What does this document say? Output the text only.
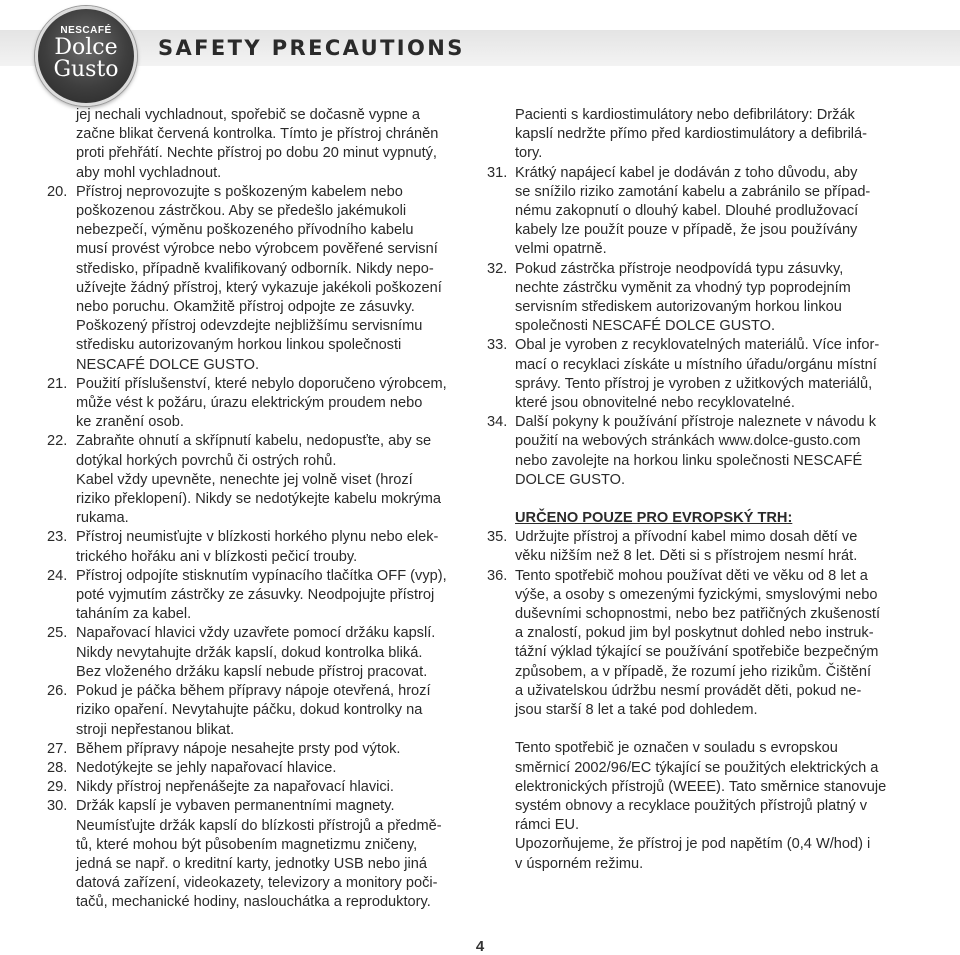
NESCAFÉ
Dolce
Gusto
SAFETY PRECAUTIONS
jej nechali vychladnout, spořebič se dočasně vypne a
začne blikat červená kontrolka. Tímto je přístroj chráněn
proti přehřátí. Nechte přístroj po dobu 20 minut vypnutý,
aby mohl vychladnout.
20. Přístroj neprovozujte s poškozeným kabelem nebo
poškozenou zástrčkou. Aby se předešlo jakémukoli
nebezpečí, výměnu poškozeného přívodního kabelu
musí provést výrobce nebo výrobcem pověřené servisní
středisko, případně kvalifikovaný odborník. Nikdy nepo-
užívejte žádný přístroj, který vykazuje jakékoli poškození
nebo poruchu. Okamžitě přístroj odpojte ze zásuvky.
Poškozený přístroj odevzdejte nejbližšímu servisnímu
středisku autorizovaným horkou linkou společnosti
NESCAFÉ DOLCE GUSTO.
21. Použití příslušenství, které nebylo doporučeno výrobcem,
může vést k požáru, úrazu elektrickým proudem nebo
ke zranění osob.
22. Zabraňte ohnutí a skřípnutí kabelu, nedopusťte, aby se
dotýkal horkých povrchů či ostrých rohů.
Kabel vždy upevněte, nenechte jej volně viset (hrozí
riziko překlopení). Nikdy se nedotýkejte kabelu mokrýma
rukama.
23. Přístroj neumisťujte v blízkosti horkého plynu nebo elek-
trického hořáku ani v blízkosti pečicí trouby.
24. Přístroj odpojíte stisknutím vypínacího tlačítka OFF (vyp),
poté vyjmutím zástrčky ze zásuvky. Neodpojujte přístroj
taháním za kabel.
25. Napařovací hlavici vždy uzavřete pomocí držáku kapslí.
Nikdy nevytahujte držák kapslí, dokud kontrolka bliká.
Bez vloženého držáku kapslí nebude přístroj pracovat.
26. Pokud je páčka během přípravy nápoje otevřená, hrozí
riziko opaření. Nevytahujte páčku, dokud kontrolky na
stroji nepřestanou blikat.
27. Během přípravy nápoje nesahejte prsty pod výtok.
28. Nedotýkejte se jehly napařovací hlavice.
29. Nikdy přístroj nepřenášejte za napařovací hlavici.
30. Držák kapslí je vybaven permanentními magnety.
Neumísťujte držák kapslí do blízkosti přístrojů a předmě-
tů, které mohou být působením magnetizmu zničeny,
jedná se např. o kreditní karty, jednotky USB nebo jiná
datová zařízení, videokazety, televizory a monitory poči-
tačů, mechanické hodiny, naslouchátka a reproduktory.
Pacienti s kardiostimulátory nebo defibrilátory: Držák
kapslí nedržte přímo před kardiostimulátory a defibrilá-
tory.
31. Krátký napájecí kabel je dodáván z toho důvodu, aby
se snížilo riziko zamotání kabelu a zabránilo se případ-
nému zakopnutí o dlouhý kabel. Dlouhé prodlužovací
kabely lze použít pouze v případě, že jsou používány
velmi opatrně.
32. Pokud zástrčka přístroje neodpovídá typu zásuvky,
nechte zástrčku vyměnit za vhodný typ poprodejním
servisním střediskem autorizovaným horkou linkou
společnosti NESCAFÉ DOLCE GUSTO.
33. Obal je vyroben z recyklovatelných materiálů. Více infor-
mací o recyklaci získáte u místního úřadu/orgánu místní
správy. Tento přístroj je vyroben z užitkových materiálů,
které jsou obnovitelné nebo recyklovatelné.
34. Další pokyny k používání přístroje naleznete v návodu k
použití na webových stránkách www.dolce-gusto.com
nebo zavolejte na horkou linku společnosti NESCAFÉ
DOLCE GUSTO.
URČENO POUZE PRO EVROPSKÝ TRH:
35. Udržujte přístroj a přívodní kabel mimo dosah dětí ve
věku nižším než 8 let. Děti si s přístrojem nesmí hrát.
36. Tento spotřebič mohou používat děti ve věku od 8 let a
výše, a osoby s omezenými fyzickými, smyslovými nebo
duševními schopnostmi, nebo bez patřičných zkušeností
a znalostí, pokud jim byl poskytnut dohled nebo instruk-
tážní výklad týkající se používání spotřebiče bezpečným
způsobem, a v případě, že rozumí jeho rizikům. Čištění
a uživatelskou údržbu nesmí provádět děti, pokud ne-
jsou starší 8 let a také pod dohledem.
Tento spotřebič je označen v souladu s evropskou
směrnicí 2002/96/EC týkající se použitých elektrických a
elektronických přístrojů (WEEE). Tato směrnice stanovuje
systém obnovy a recyklace použitých přístrojů platný v
rámci EU.
Upozorňujeme, že přístroj je pod napětím (0,4 W/hod) i
v úsporném režimu.
4
